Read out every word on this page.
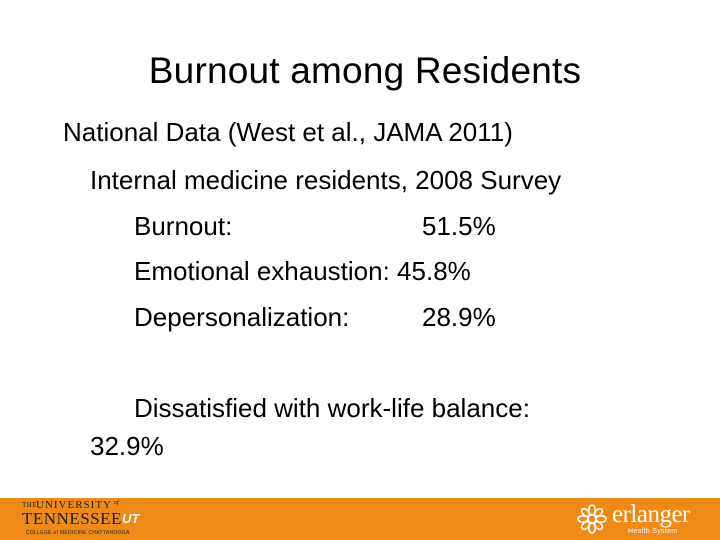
Burnout among Residents
National Data (West et al., JAMA 2011)
Internal medicine residents, 2008 Survey
Burnout:	51.5%
Emotional exhaustion: 45.8%
Depersonalization:	28.9%
Dissatisfied with work-life balance:
32.9%
THE
UNIVERSITY of
TENNESSEE UT
COLLEGE of MEDICINE CHATTANOOGA
erlanger
Health System
